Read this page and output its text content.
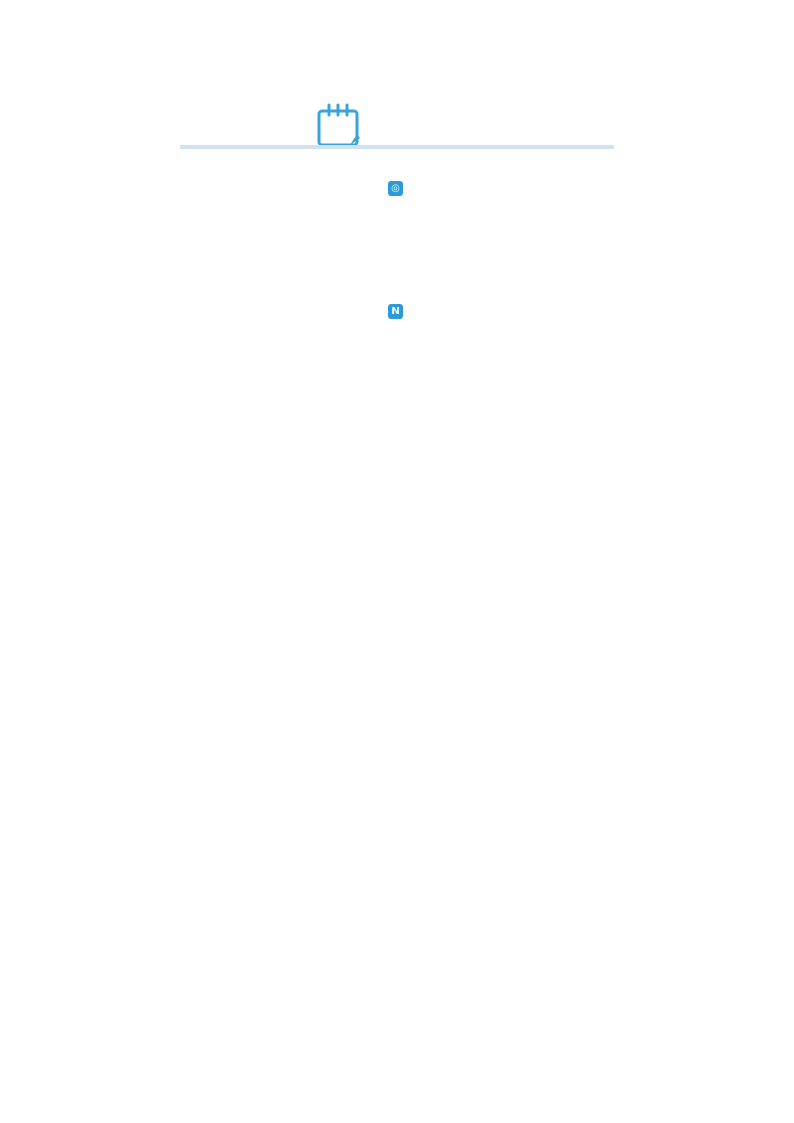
◎
N
